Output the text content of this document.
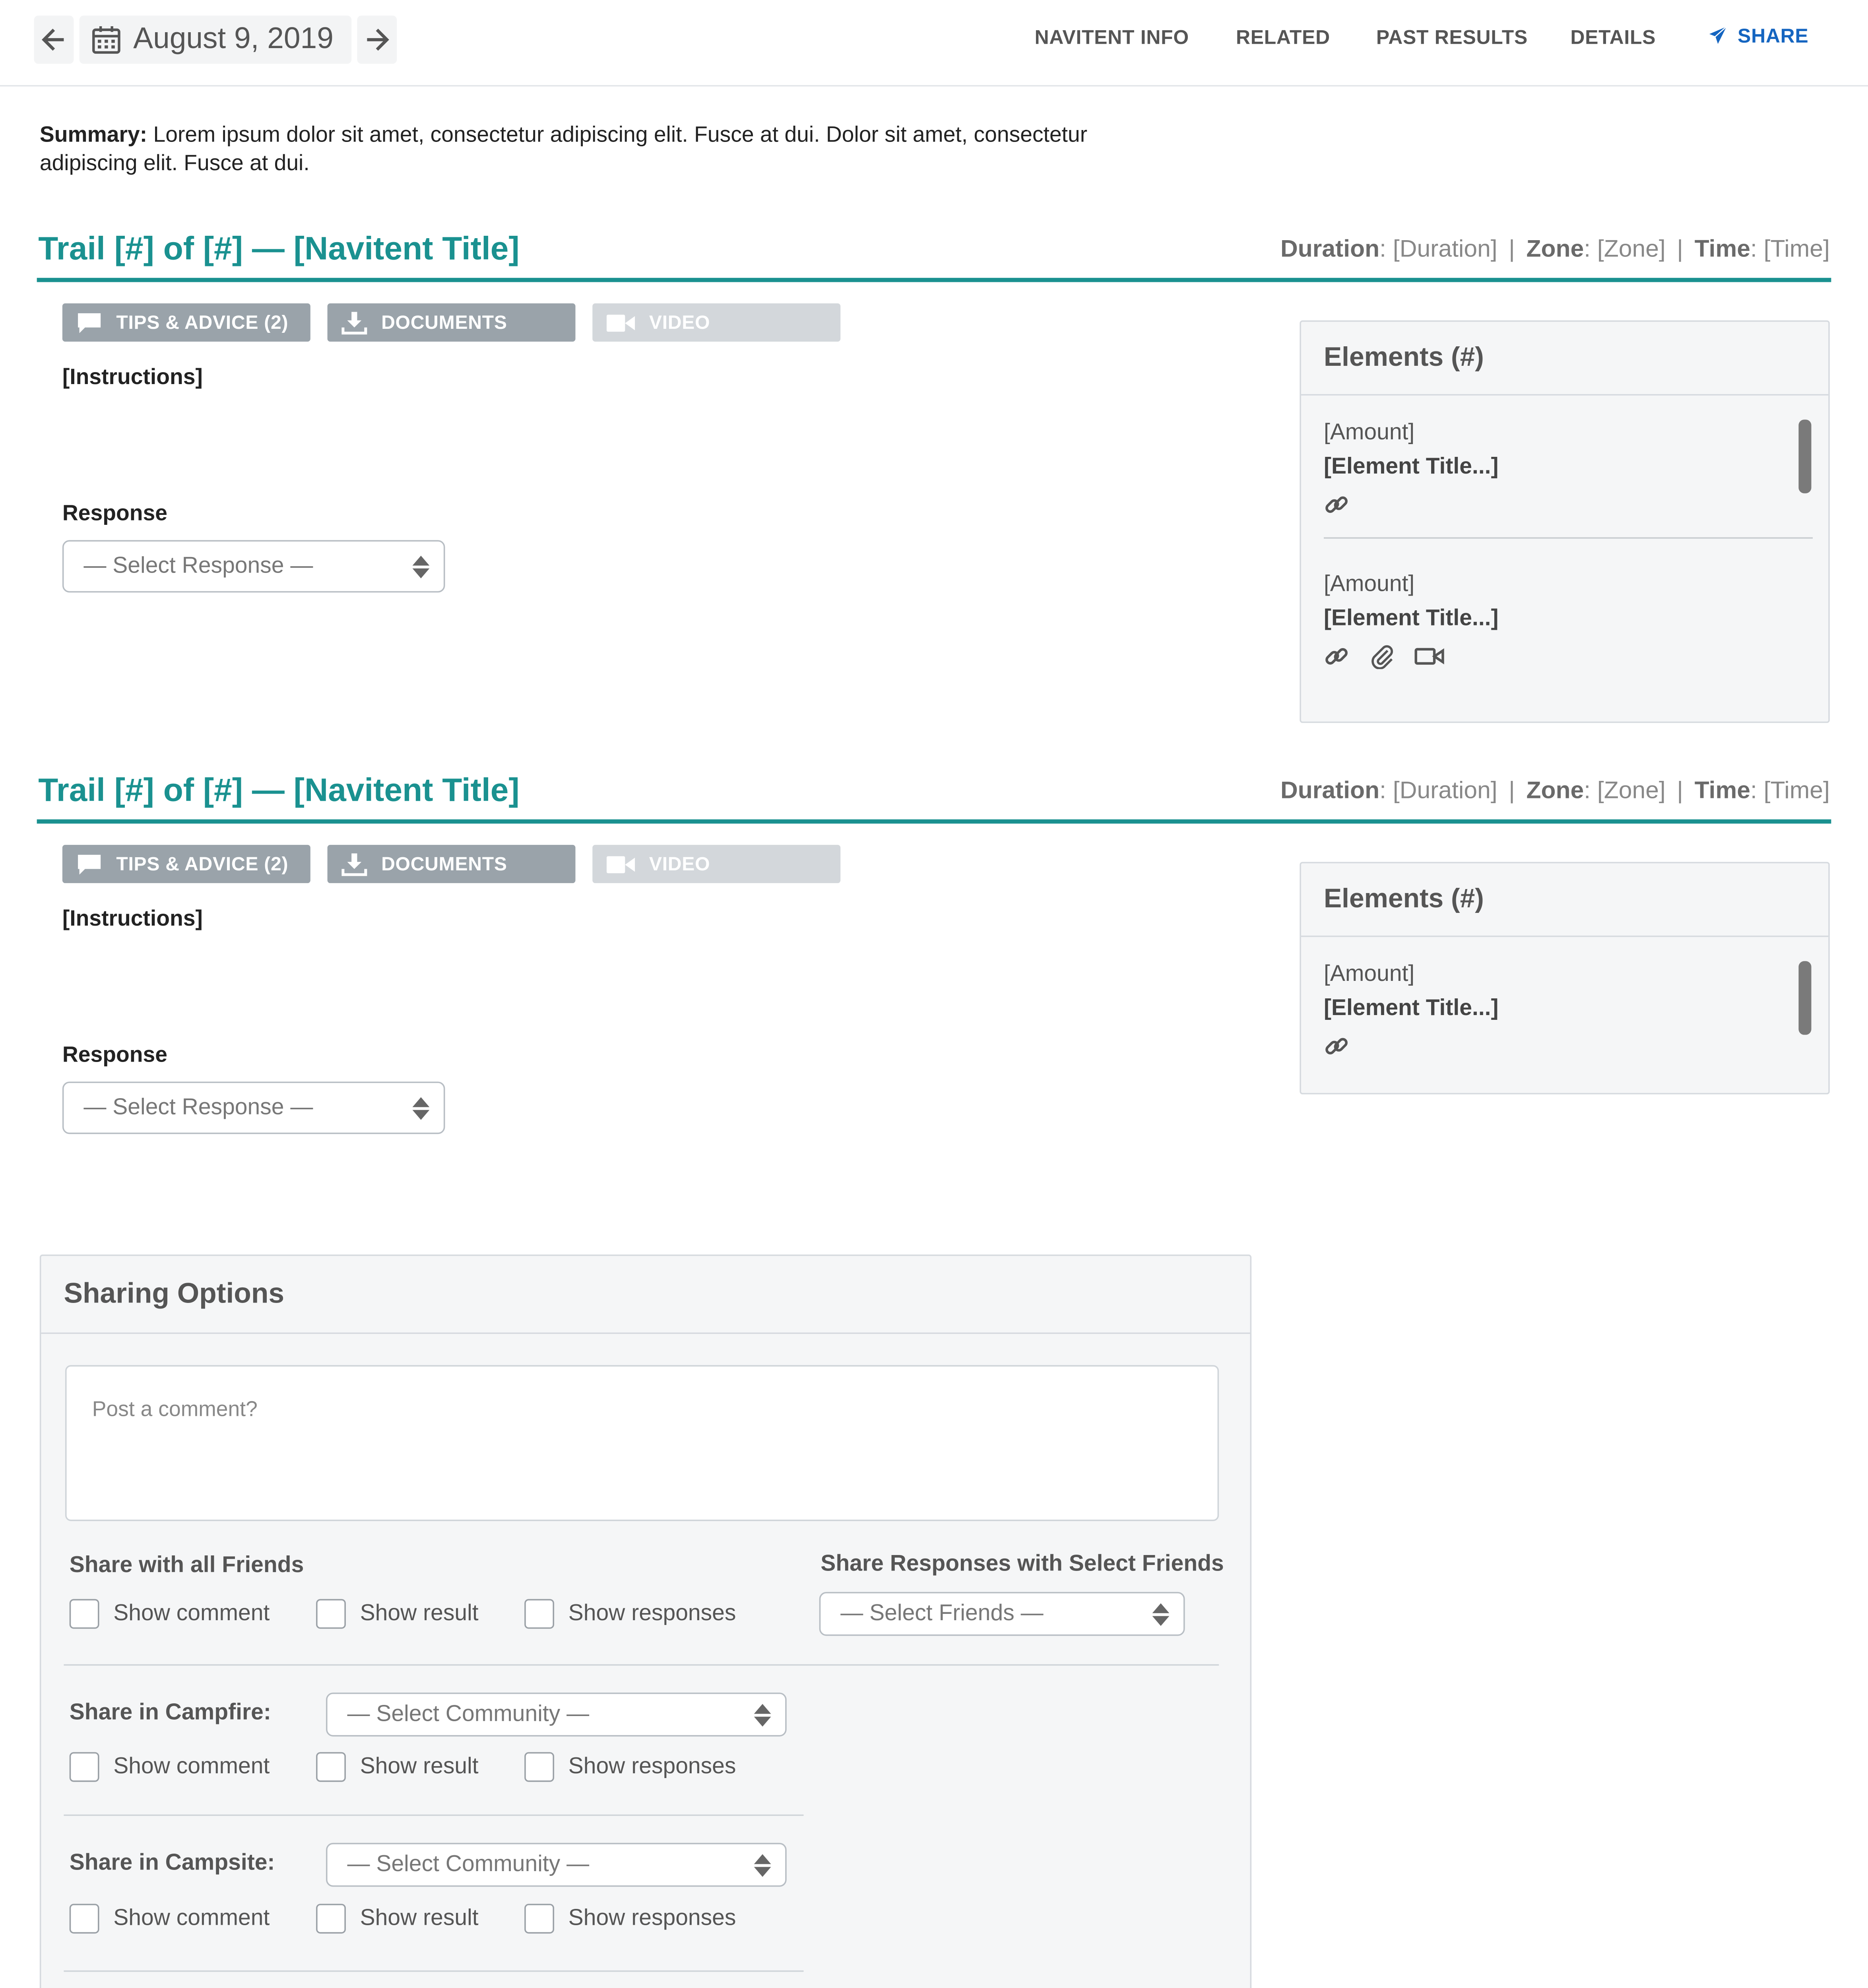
August 9, 2019	NAVITENT INFO	RELATED	PAST RESULTS	DETAILS	SHARE
Summary: Lorem ipsum dolor sit amet, consectetur adipiscing elit. Fusce at dui. Dolor sit amet, consectetur adipiscing elit. Fusce at dui.
Trail [#] of [#] — [Navitent Title]	Duration: [Duration] | Zone: [Zone] | Time: [Time]
TIPS & ADVICE (2)	DOCUMENTS	VIDEO
[Instructions]
Response
— Select Response —
Elements (#)
[Amount]
[Element Title...]
[Amount]
[Element Title...]
Trail [#] of [#] — [Navitent Title]	Duration: [Duration] | Zone: [Zone] | Time: [Time]
TIPS & ADVICE (2)	DOCUMENTS	VIDEO
[Instructions]
Response
— Select Response —
Elements (#)
[Amount]
[Element Title...]
Sharing Options
Post a comment?
Share with all Friends	Share Responses with Select Friends
Show comment	Show result	Show responses	— Select Friends —
Share in Campfire:	— Select Community —
Show comment	Show result	Show responses
Share in Campsite:	— Select Community —
Show comment	Show result	Show responses
